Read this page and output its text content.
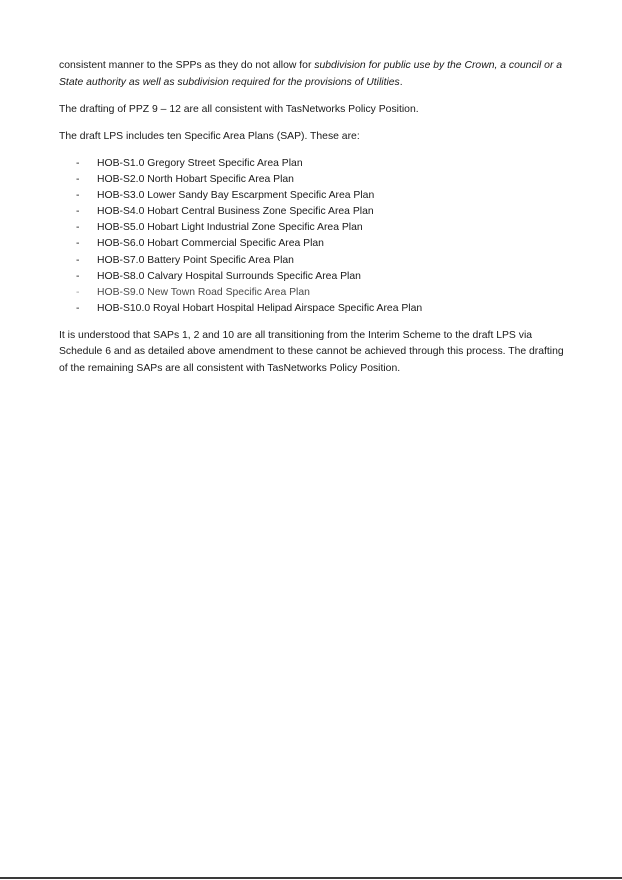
consistent manner to the SPPs as they do not allow for subdivision for public use by the Crown, a council or a State authority as well as subdivision required for the provisions of Utilities.

The drafting of PPZ 9 – 12 are all consistent with TasNetworks Policy Position.

The draft LPS includes ten Specific Area Plans (SAP). These are:

- HOB-S1.0 Gregory Street Specific Area Plan
- HOB-S2.0 North Hobart Specific Area Plan
- HOB-S3.0 Lower Sandy Bay Escarpment Specific Area Plan
- HOB-S4.0 Hobart Central Business Zone Specific Area Plan
- HOB-S5.0 Hobart Light Industrial Zone Specific Area Plan
- HOB-S6.0 Hobart Commercial Specific Area Plan
- HOB-S7.0 Battery Point Specific Area Plan
- HOB-S8.0 Calvary Hospital Surrounds Specific Area Plan
- HOB-S9.0 New Town Road Specific Area Plan
- HOB-S10.0 Royal Hobart Hospital Helipad Airspace Specific Area Plan

It is understood that SAPs 1, 2 and 10 are all transitioning from the Interim Scheme to the draft LPS via Schedule 6 and as detailed above amendment to these cannot be achieved through this process. The drafting of the remaining SAPs are all consistent with TasNetworks Policy Position.
